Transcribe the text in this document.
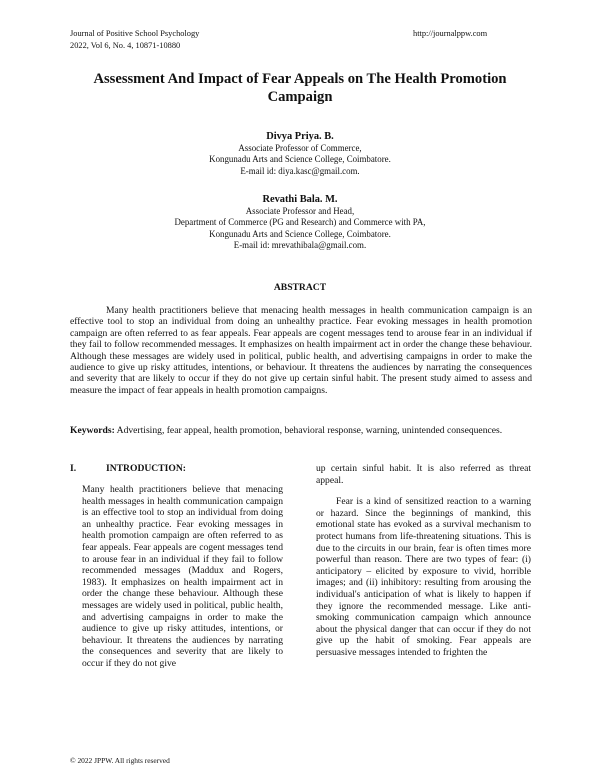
Journal of Positive School Psychology
2022, Vol 6, No. 4, 10871-10880
http://journalppw.com
Assessment And Impact of Fear Appeals on The Health Promotion Campaign
Divya Priya. B.
Associate Professor of Commerce,
Kongunadu Arts and Science College, Coimbatore.
E-mail id: diya.kasc@gmail.com.
Revathi Bala. M.
Associate Professor and Head,
Department of Commerce (PG and Research) and Commerce with PA,
Kongunadu Arts and Science College, Coimbatore.
E-mail id: mrevathibala@gmail.com.
ABSTRACT
Many health practitioners believe that menacing health messages in health communication campaign is an effective tool to stop an individual from doing an unhealthy practice. Fear evoking messages in health promotion campaign are often referred to as fear appeals. Fear appeals are cogent messages tend to arouse fear in an individual if they fail to follow recommended messages. It emphasizes on health impairment act in order the change these behaviour. Although these messages are widely used in political, public health, and advertising campaigns in order to make the audience to give up risky attitudes, intentions, or behaviour. It threatens the audiences by narrating the consequences and severity that are likely to occur if they do not give up certain sinful habit. The present study aimed to assess and measure the impact of fear appeals in health promotion campaigns.
Keywords: Advertising, fear appeal, health promotion, behavioral response, warning, unintended consequences.
I.	INTRODUCTION:
Many health practitioners believe that menacing health messages in health communication campaign is an effective tool to stop an individual from doing an unhealthy practice. Fear evoking messages in health promotion campaign are often referred to as fear appeals. Fear appeals are cogent messages tend to arouse fear in an individual if they fail to follow recommended messages (Maddux and Rogers, 1983). It emphasizes on health impairment act in order the change these behaviour. Although these messages are widely used in political, public health, and advertising campaigns in order to make the audience to give up risky attitudes, intentions, or behaviour. It threatens the audiences by narrating the consequences and severity that are likely to occur if they do not give
up certain sinful habit. It is also referred as threat appeal.
Fear is a kind of sensitized reaction to a warning or hazard. Since the beginnings of mankind, this emotional state has evoked as a survival mechanism to protect humans from life-threatening situations. This is due to the circuits in our brain, fear is often times more powerful than reason. There are two types of fear: (i) anticipatory – elicited by exposure to vivid, horrible images; and (ii) inhibitory: resulting from arousing the individual's anticipation of what is likely to happen if they ignore the recommended message. Like anti-smoking communication campaign which announce about the physical danger that can occur if they do not give up the habit of smoking. Fear appeals are persuasive messages intended to frighten the
© 2022 JPPW. All rights reserved
